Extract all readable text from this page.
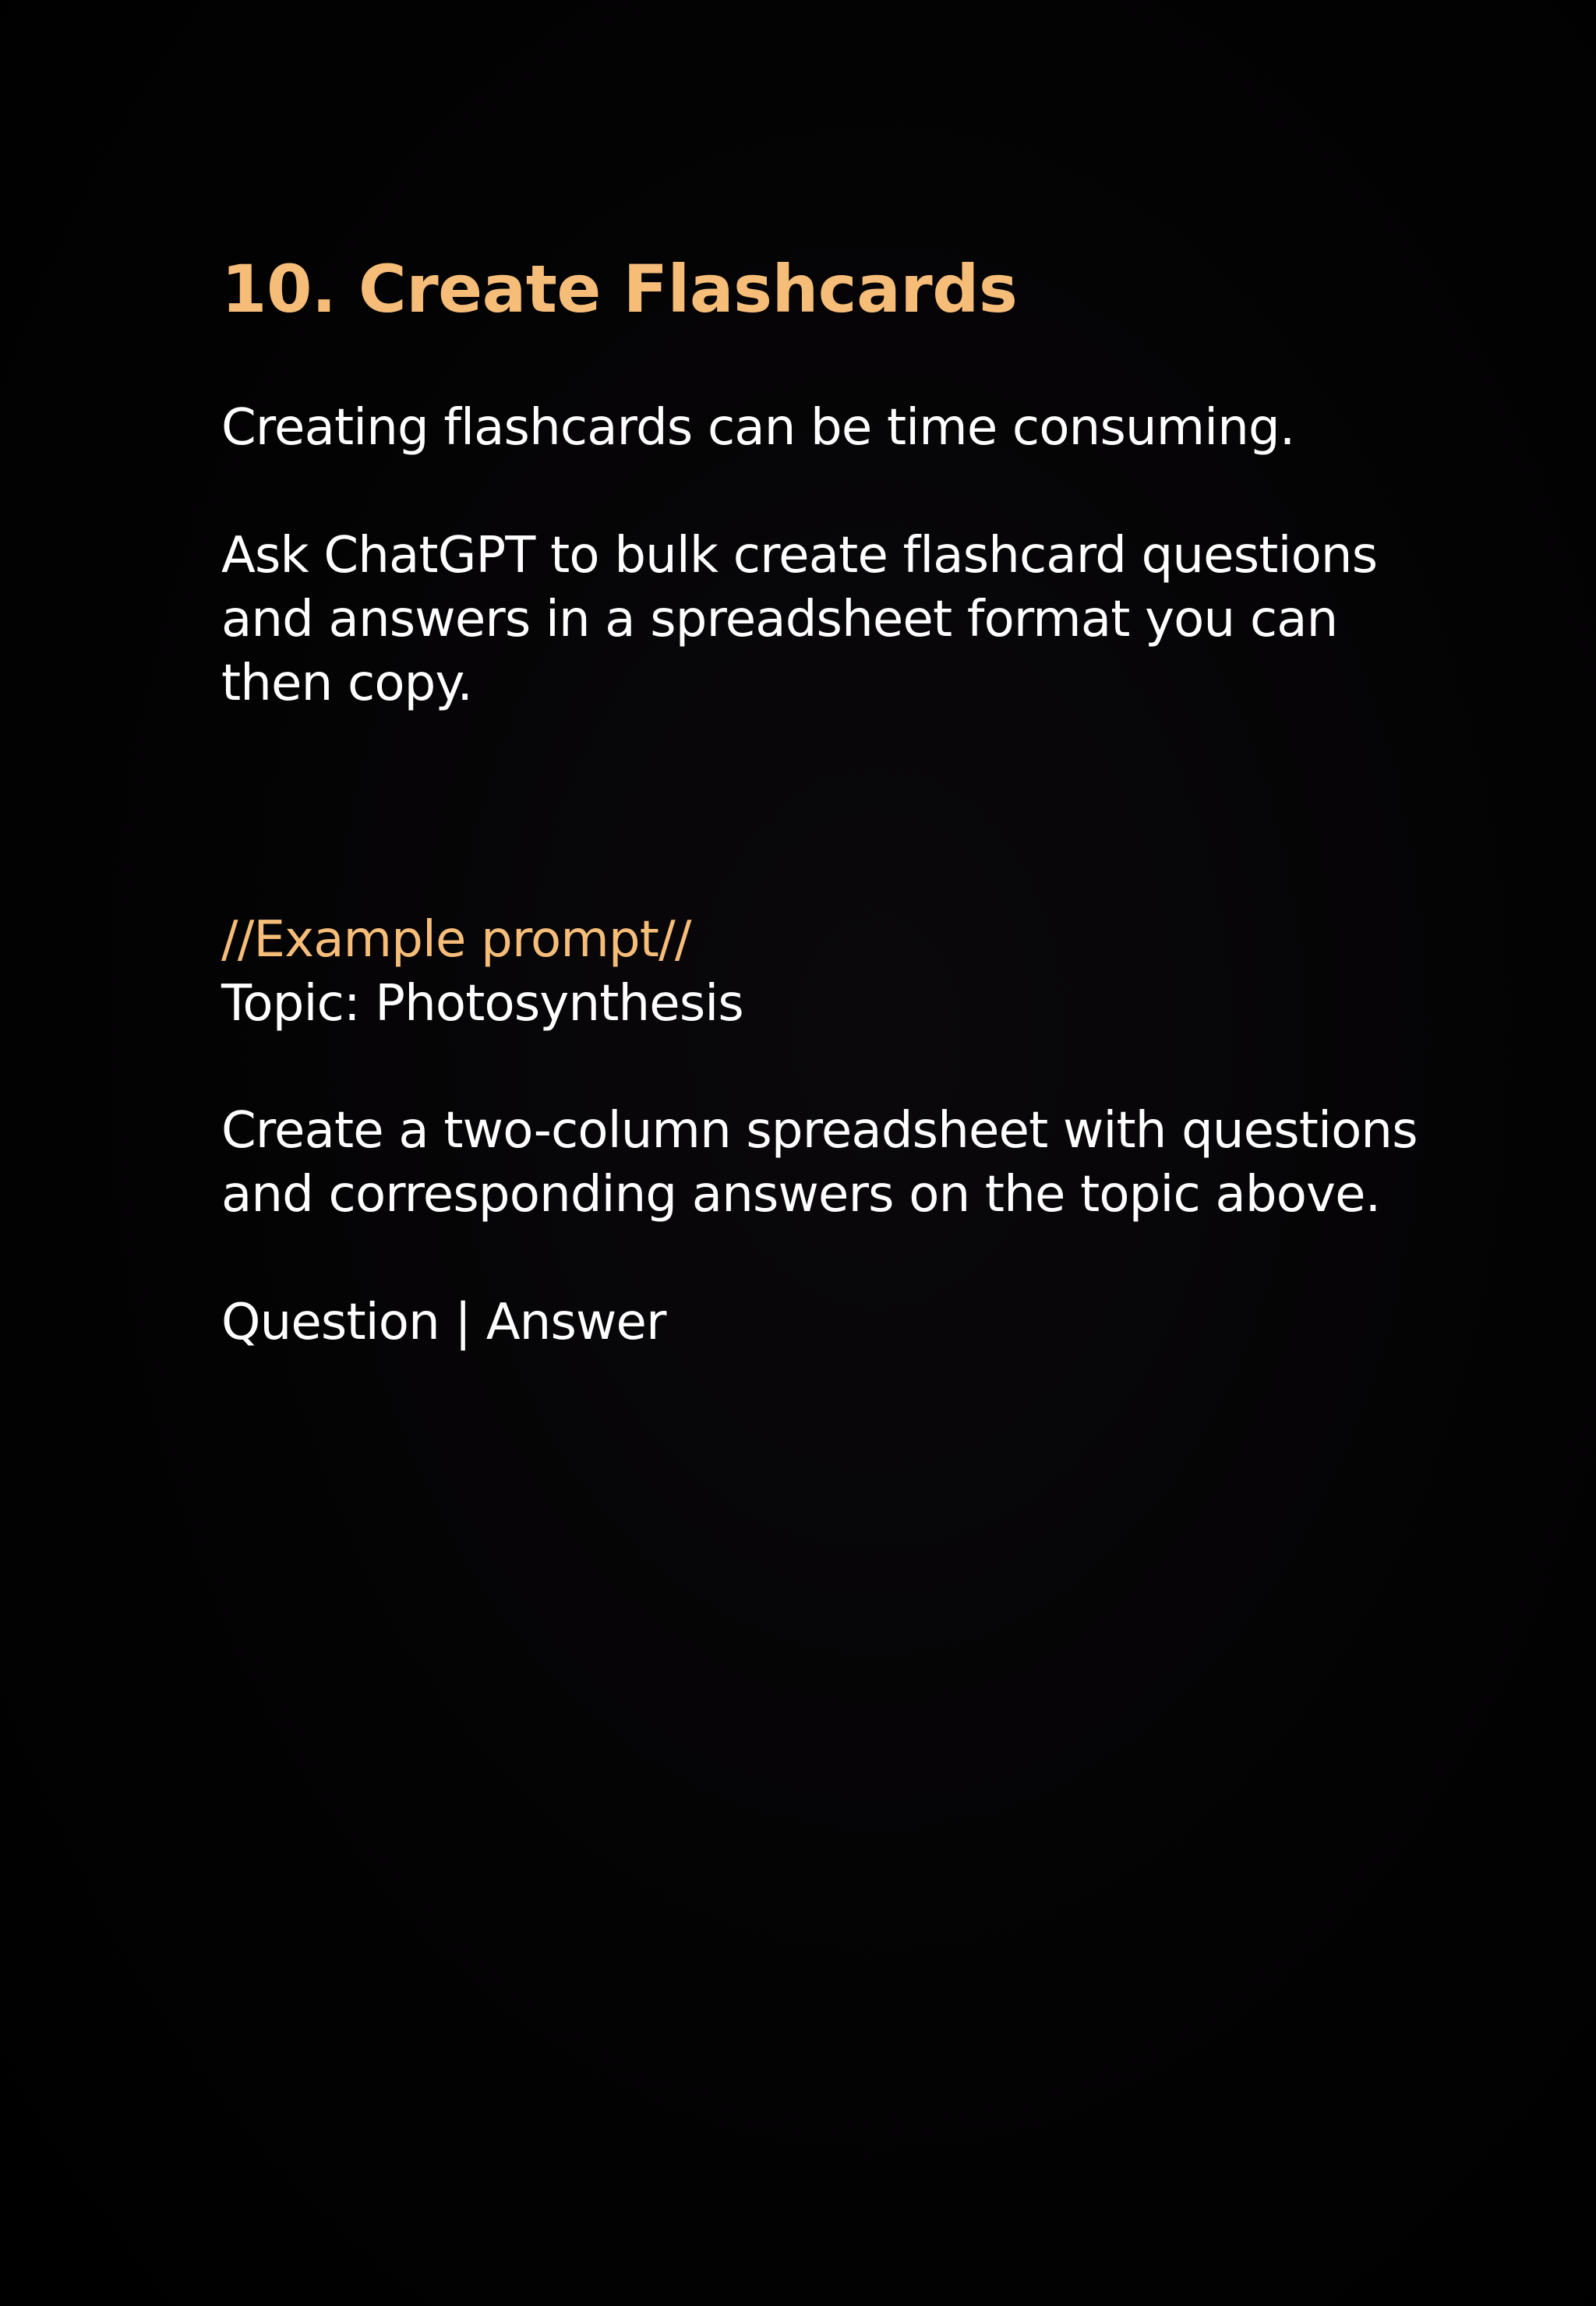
10. Create Flashcards

Creating flashcards can be time consuming.

Ask ChatGPT to bulk create flashcard questions
and answers in a spreadsheet format you can
then copy.

//Example prompt//

Topic: Photosynthesis

Create a two-column spreadsheet with questions
and corresponding answers on the topic above.

Question | Answer
